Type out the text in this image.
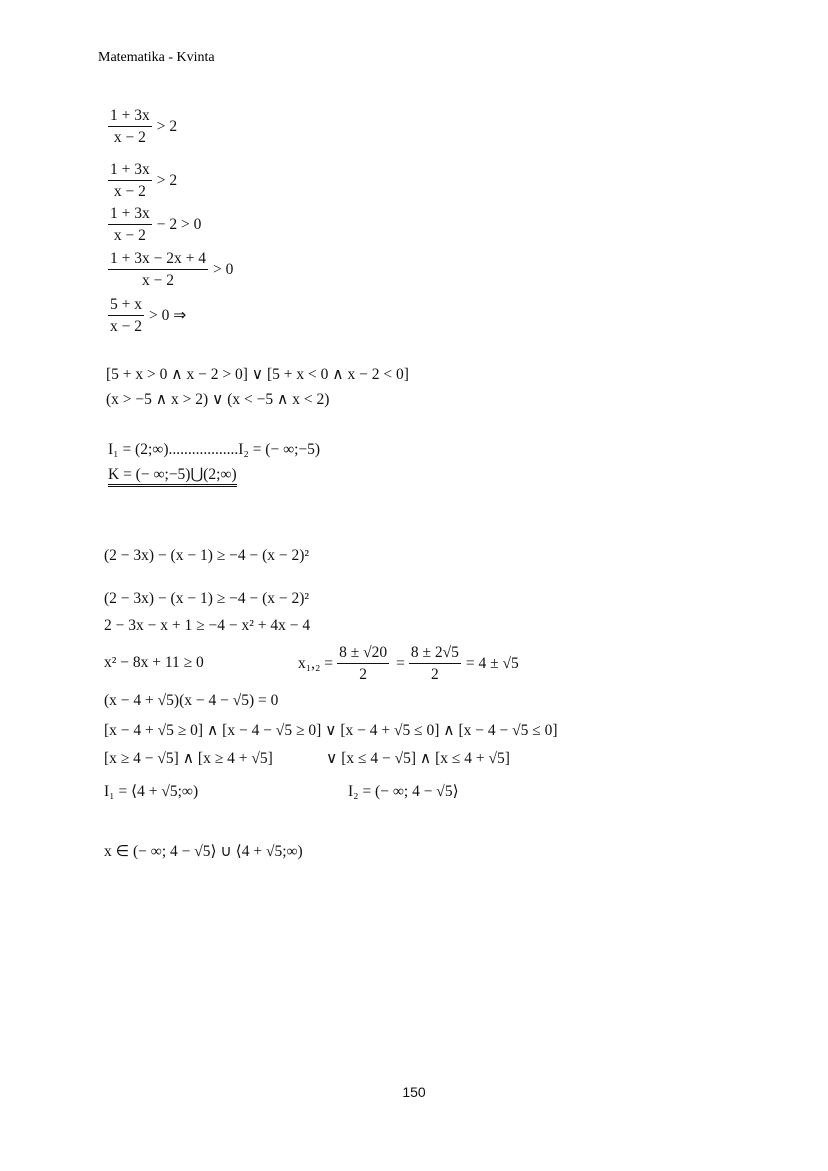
Matematika - Kvinta
$\frac{1 + 3x}{x - 2} > 2$
$\frac{1 + 3x}{x - 2} > 2$
$\frac{1 + 3x}{x - 2} - 2 > 0$
$\frac{1 + 3x - 2x + 4}{x - 2} > 0$
$\frac{5 + x}{x - 2} > 0$ ⇒
[5 + x > 0 ∧ x − 2 > 0] ∨ [5 + x < 0 ∧ x − 2 < 0]
(x > −5 ∧ x > 2) ∨ (x < −5 ∧ x < 2)
I₁ = (2;∞) .................. I₂ = (− ∞;−5)
K = (− ∞;−5)⋃(2;∞)
(2 − 3x) − (x − 1) ≥ −4 − (x − 2)²
(2 − 3x) − (x − 1) ≥ −4 − (x − 2)²
2 − 3x − x + 1 ≥ −4 − x² + 4x − 4
x² − 8x + 11 ≥ 0	$x_1,_2 = \frac{8 \pm √20}{2} = \frac{8 \pm 2√5}{2} = 4 \pm √5$
(x − 4 + √5)(x − 4 − √5) = 0
[x − 4 + √5 ≥ 0] ∧ [x − 4 − √5 ≥ 0] ∨ [x − 4 + √5 ≤ 0] ∧ [x − 4 − √5 ≤ 0]
[x ≥ 4 − √5] ∧ [x ≥ 4 + √5]	∨ [x ≤ 4 − √5] ∧ [x ≤ 4 + √5]
I₁ = ⟨4 + √5;∞)	I₂ = (− ∞; 4 − √5⟩
x ∈ (− ∞; 4 − √5⟩ ∪ ⟨4 + √5;∞)
150
